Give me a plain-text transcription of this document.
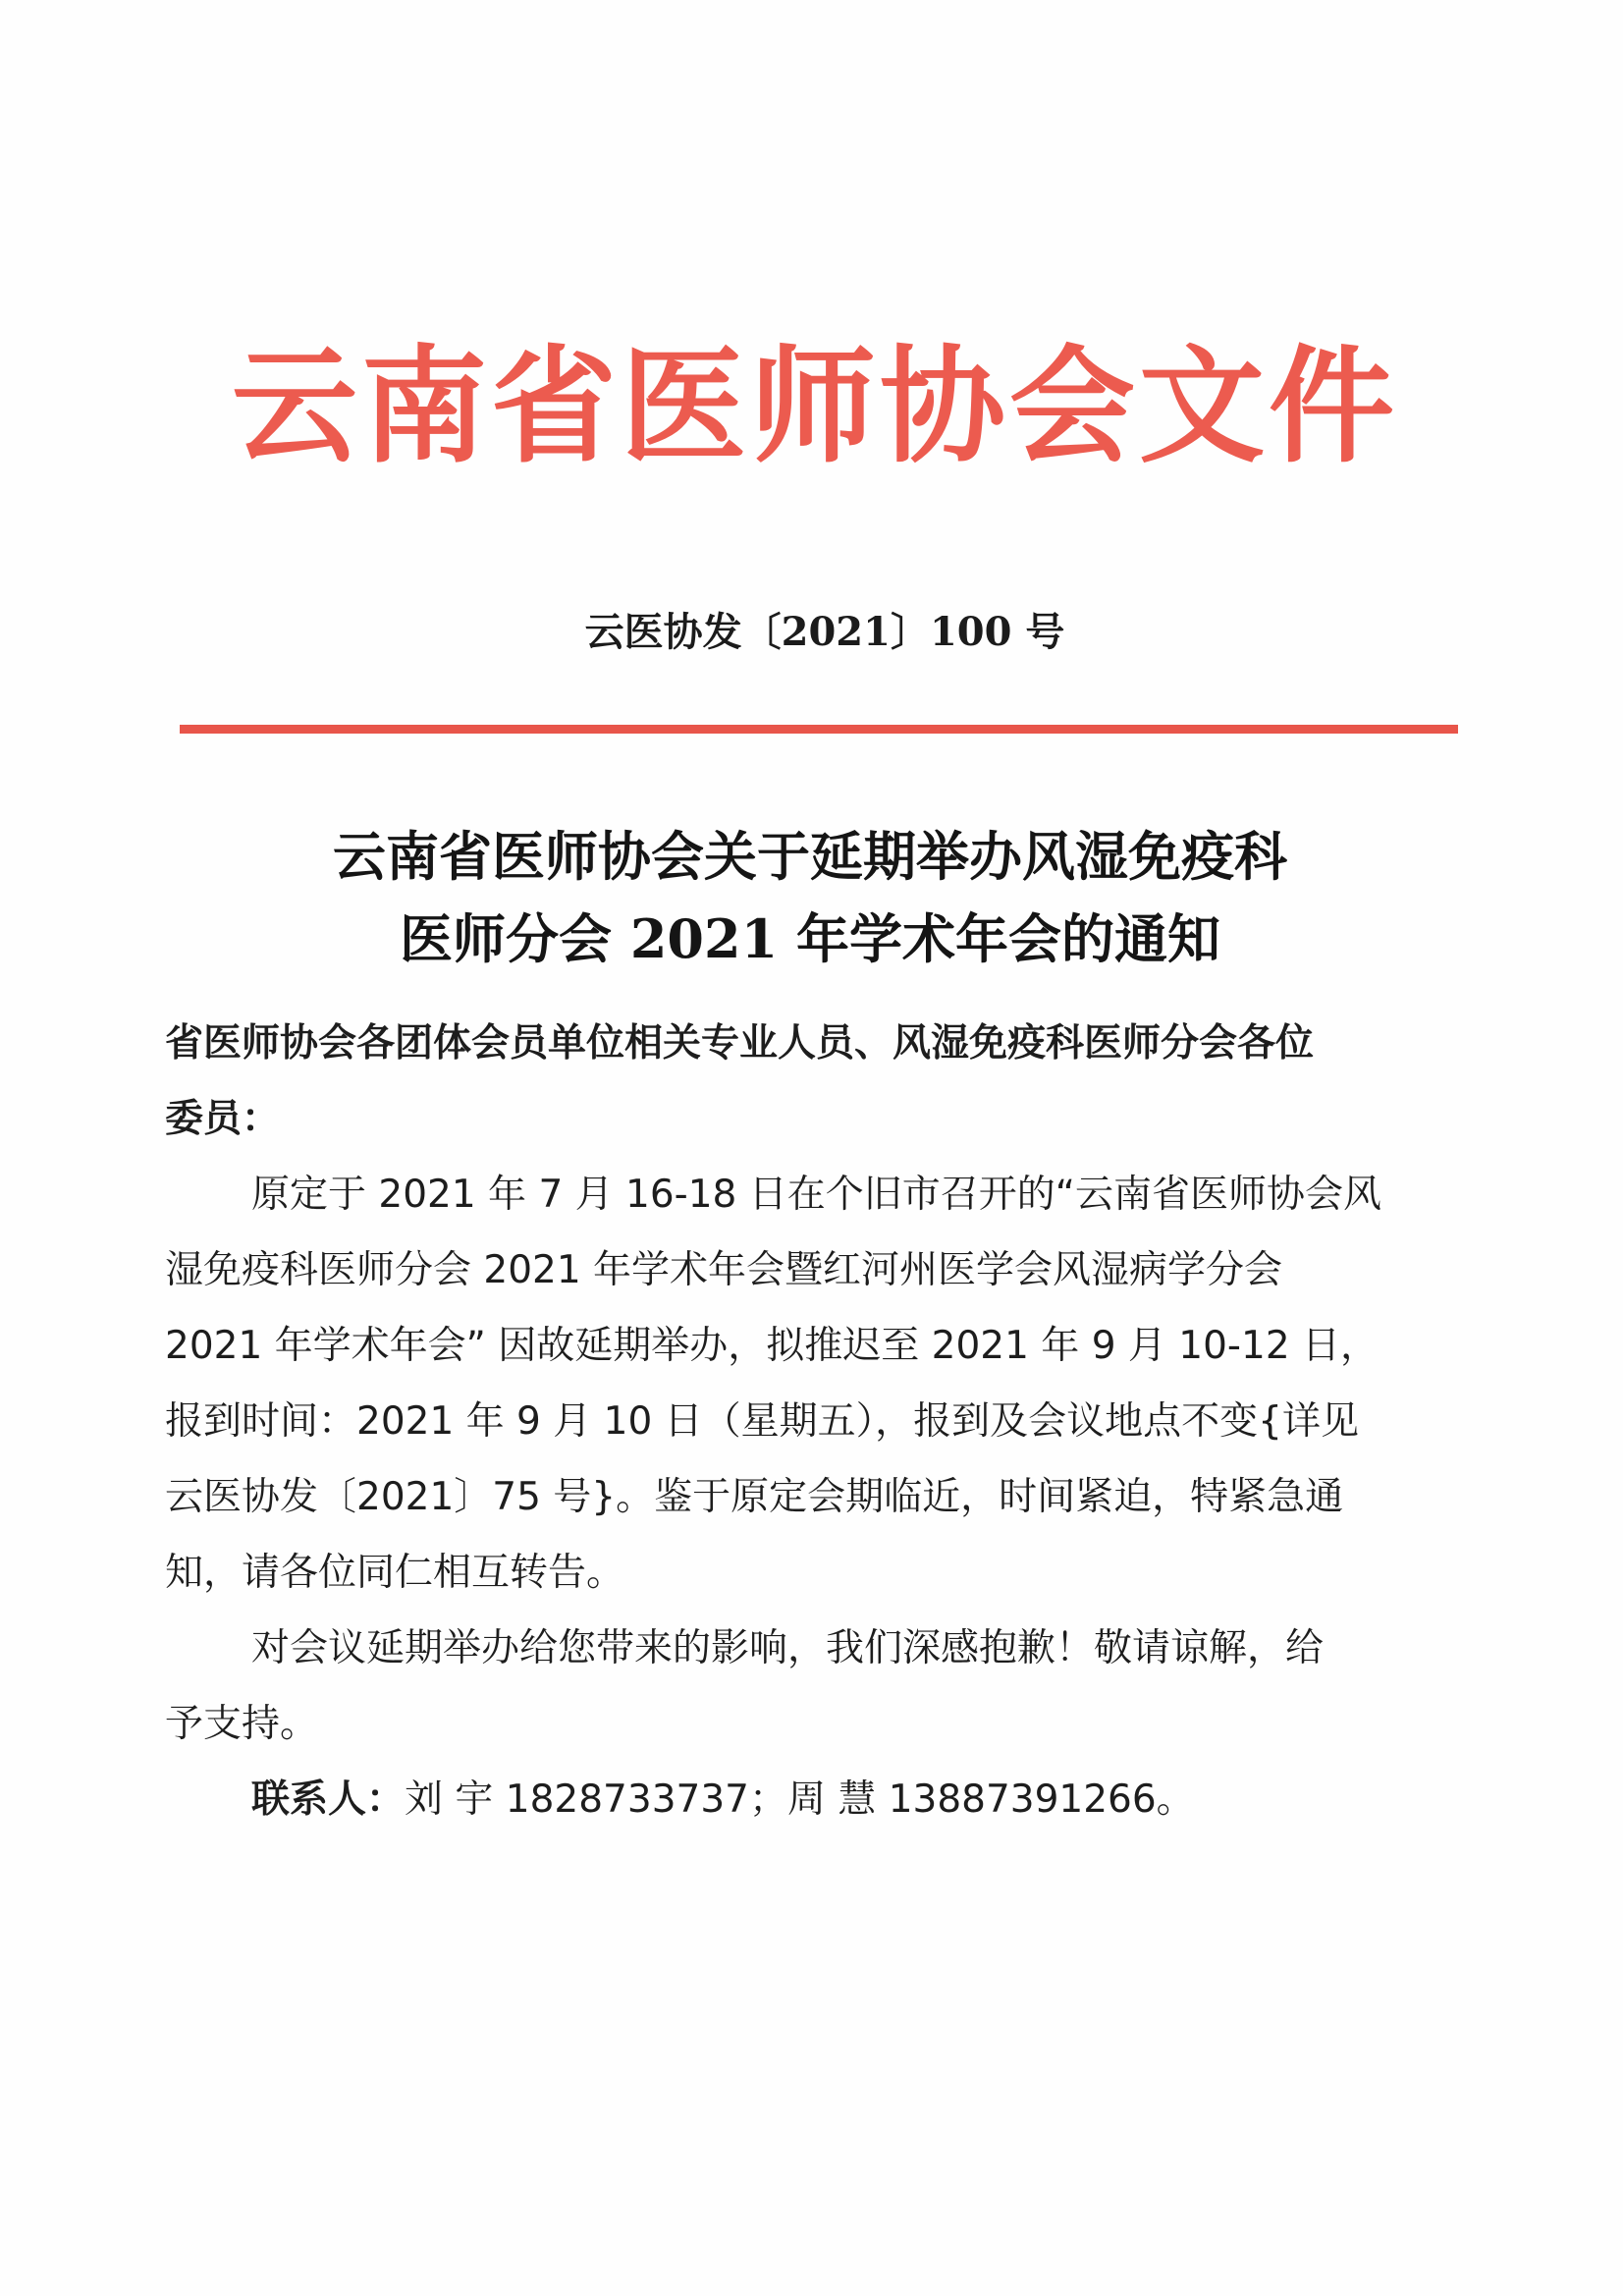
云南省医师协会文件
云医协发〔2021〕100 号
云南省医师协会关于延期举办风湿免疫科
医师分会 2021 年学术年会的通知
省医师协会各团体会员单位相关专业人员、风湿免疫科医师分会各位
委员：
原定于 2021 年 7 月 16-18 日在个旧市召开的“云南省医师协会风
湿免疫科医师分会 2021 年学术年会暨红河州医学会风湿病学分会
2021 年学术年会” 因故延期举办，拟推迟至 2021 年 9 月 10-12 日，
报到时间：2021 年 9 月 10 日（星期五），报到及会议地点不变{详见
云医协发〔2021〕75 号}。鉴于原定会期临近，时间紧迫，特紧急通
知，请各位同仁相互转告。
对会议延期举办给您带来的影响，我们深感抱歉！敬请谅解，给
予支持。
联系人：刘 宇 1828733737；周 慧 13887391266。
